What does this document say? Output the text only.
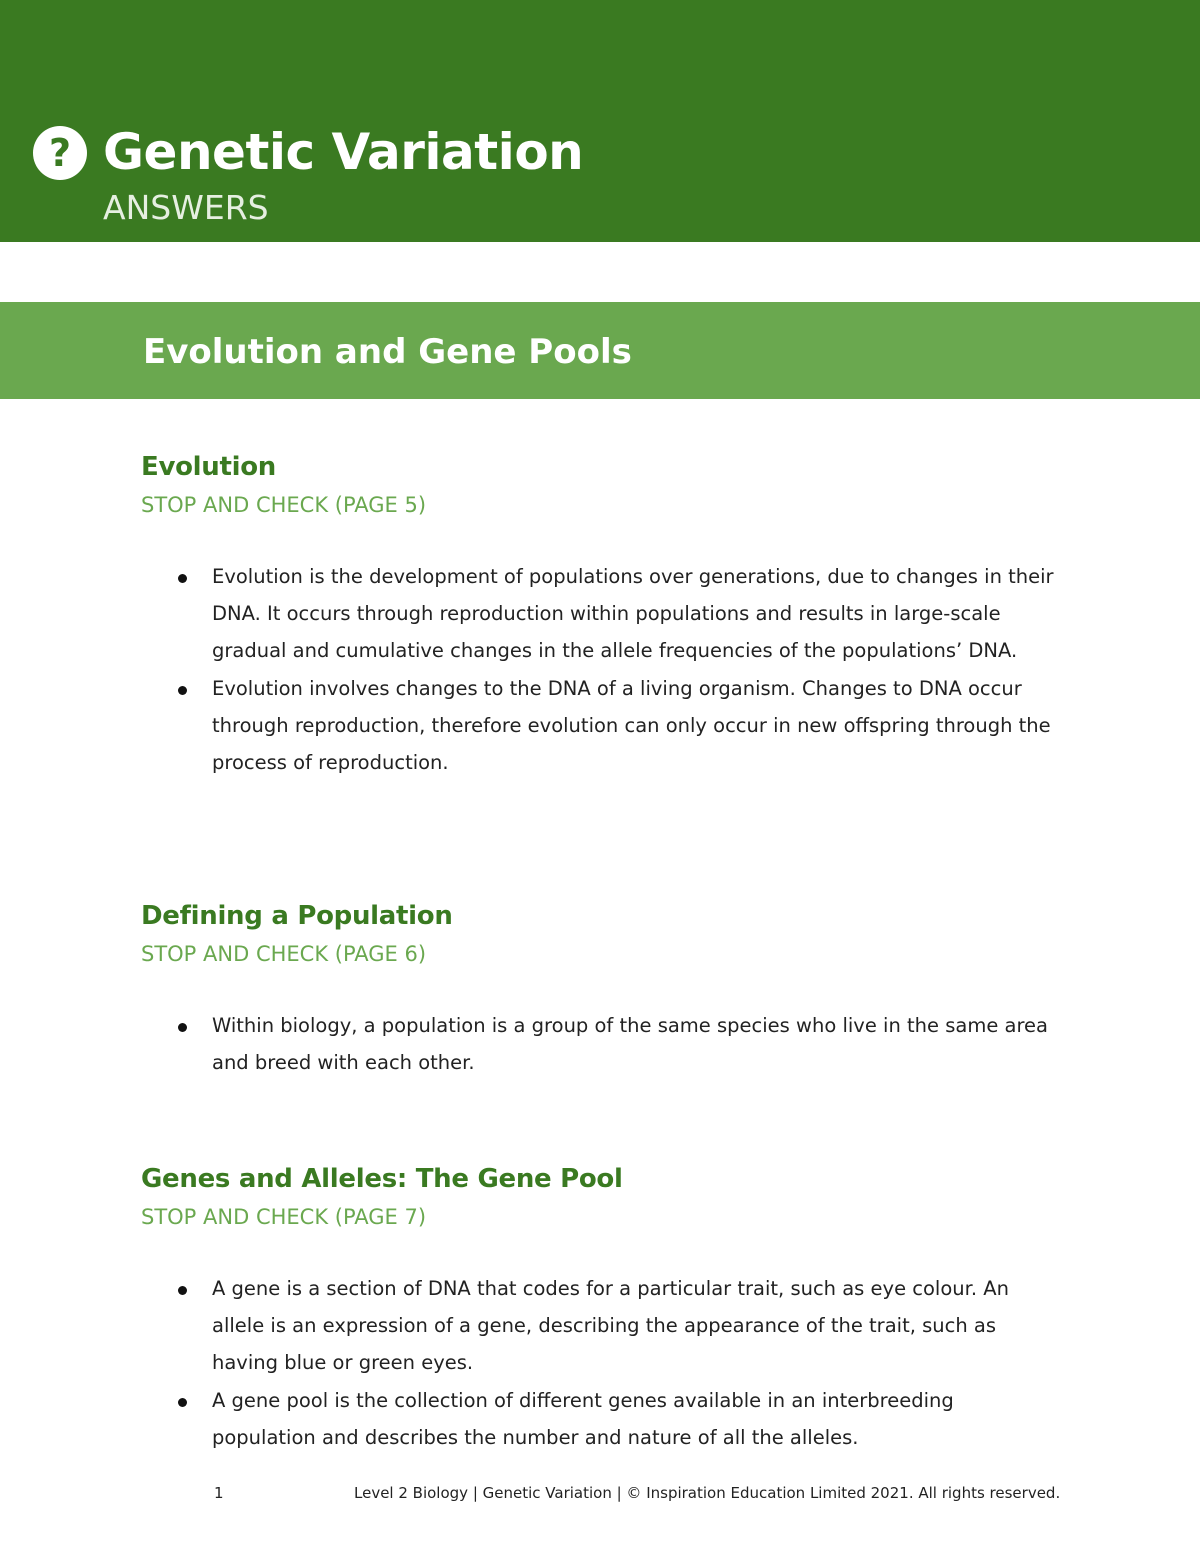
? Genetic Variation
ANSWERS
Evolution and Gene Pools
Evolution
STOP AND CHECK (PAGE 5)
Evolution is the development of populations over generations, due to changes in their DNA. It occurs through reproduction within populations and results in large-scale gradual and cumulative changes in the allele frequencies of the populations’ DNA.
Evolution involves changes to the DNA of a living organism. Changes to DNA occur through reproduction, therefore evolution can only occur in new offspring through the process of reproduction.
Defining a Population
STOP AND CHECK (PAGE 6)
Within biology, a population is a group of the same species who live in the same area and breed with each other.
Genes and Alleles: The Gene Pool
STOP AND CHECK (PAGE 7)
A gene is a section of DNA that codes for a particular trait, such as eye colour. An allele is an expression of a gene, describing the appearance of the trait, such as having blue or green eyes.
A gene pool is the collection of different genes available in an interbreeding population and describes the number and nature of all the alleles.
1	Level 2 Biology | Genetic Variation | © Inspiration Education Limited 2021. All rights reserved.
